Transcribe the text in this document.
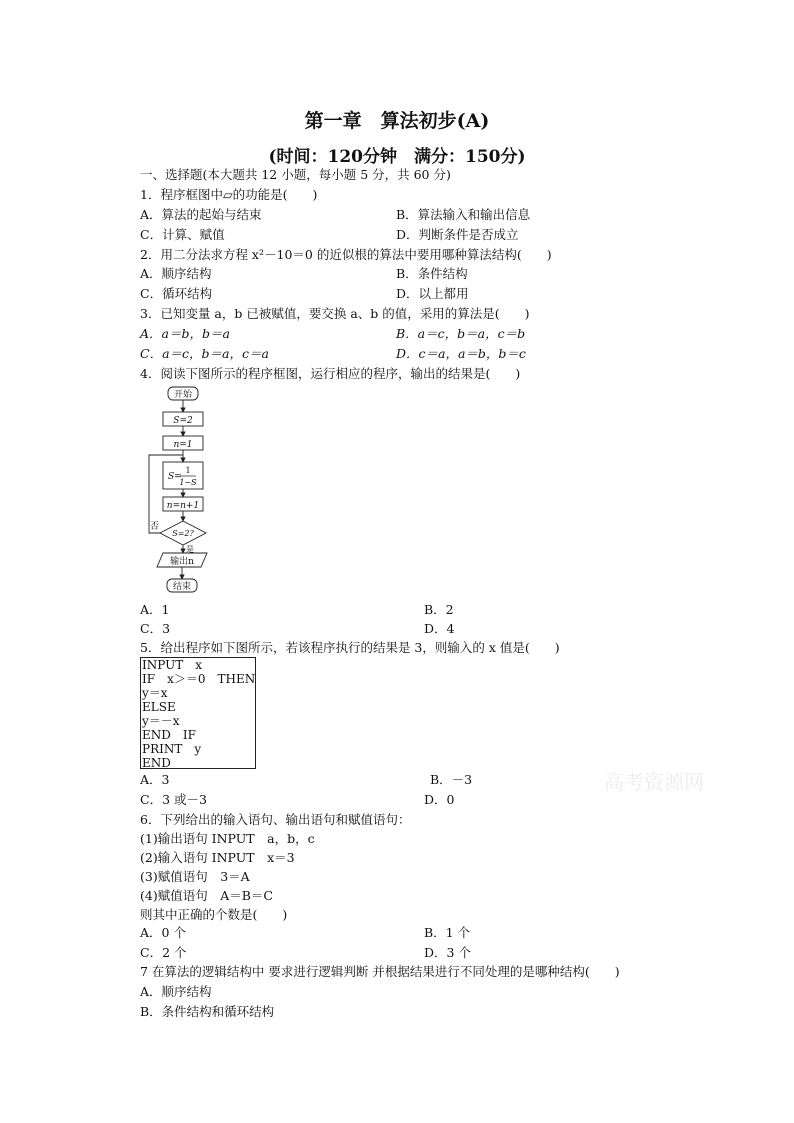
第一章　算法初步(A)
(时间：120分钟　满分：150分)
一、选择题(本大题共 12 小题，每小题 5 分，共 60 分)
1．程序框图中▱的功能是(　　)
A．算法的起始与结束	B．算法输入和输出信息
C．计算、赋值	D．判断条件是否成立
2．用二分法求方程 x²－10＝0 的近似根的算法中要用哪种算法结构(　　)
A．顺序结构	B．条件结构
C．循环结构	D．以上都用
3．已知变量 a，b 已被赋值，要交换 a、b 的值，采用的算法是(　　)
A．a＝b，b＝a	B．a＝c，b＝a，c＝b
C．a＝c，b＝a，c＝a	D．c＝a，a＝b，b＝c
4．阅读下图所示的程序框图，运行相应的程序，输出的结果是(　　)
开始
S=2
n=1
S=
1
1−S
n=n+1
S=2?
否
是
输出n
结束
A．1	B．2
C．3	D．4
5．给出程序如下图所示，若该程序执行的结果是 3，则输入的 x 值是(　　)
INPUT　x
IF　x＞＝0　THEN
y＝x
ELSE
y＝－x
END　IF
PRINT　y
END
A．3	B．－3
C．3 或－3	D．0
高考资源网
6．下列给出的输入语句、输出语句和赋值语句：
(1)输出语句 INPUT　a，b，c
(2)输入语句 INPUT　x＝3
(3)赋值语句　3＝A
(4)赋值语句　A＝B＝C
则其中正确的个数是(　　)
A．0 个	B．1 个
C．2 个	D．3 个
7 在算法的逻辑结构中 要求进行逻辑判断 并根据结果进行不同处理的是哪种结构(　　)
A．顺序结构
B．条件结构和循环结构
